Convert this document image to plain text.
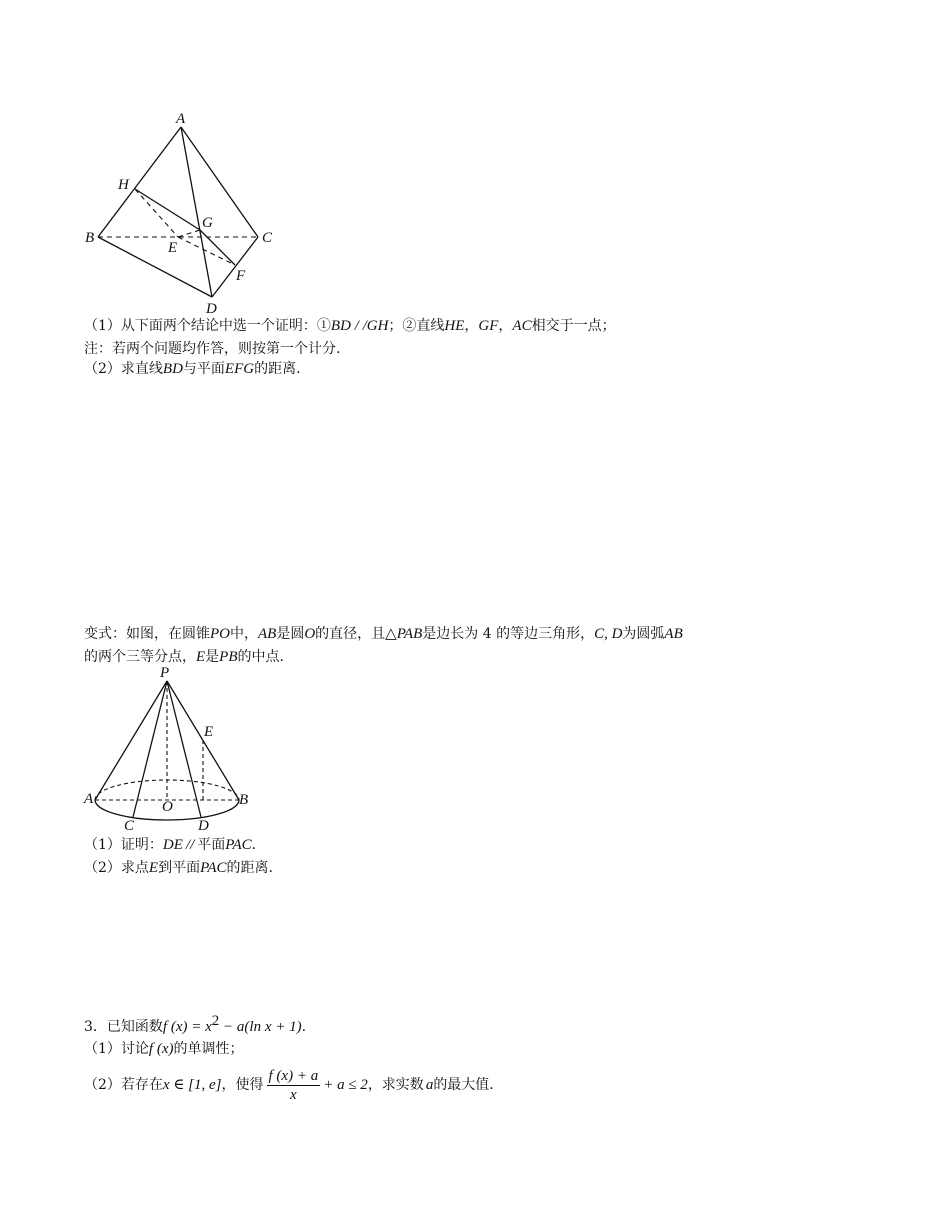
A
H
G
B
E
C
F
D
（1）从下面两个结论中选一个证明：①BD / /GH；②直线HE，GF，AC相交于一点；
注：若两个问题均作答，则按第一个计分.
（2）求直线BD与平面EFG的距离.
变式：如图，在圆锥PO中，AB是圆O的直径，且△PAB是边长为 4 的等边三角形，C, D为圆弧AB
的两个三等分点，E是PB的中点.
P
E
A	O	B
C	D
（1）证明：DE // 平面PAC.
（2）求点E到平面PAC的距离.
3．已知函数f $(x) = x^2 - a(\ln$ x + 1).
（1）讨论f (x)的单调性；
（2）若存在x ∈ [1, e]，使得 $\frac{f (x) + a}{x} + a \le 2$，求实数 a的最大值.
